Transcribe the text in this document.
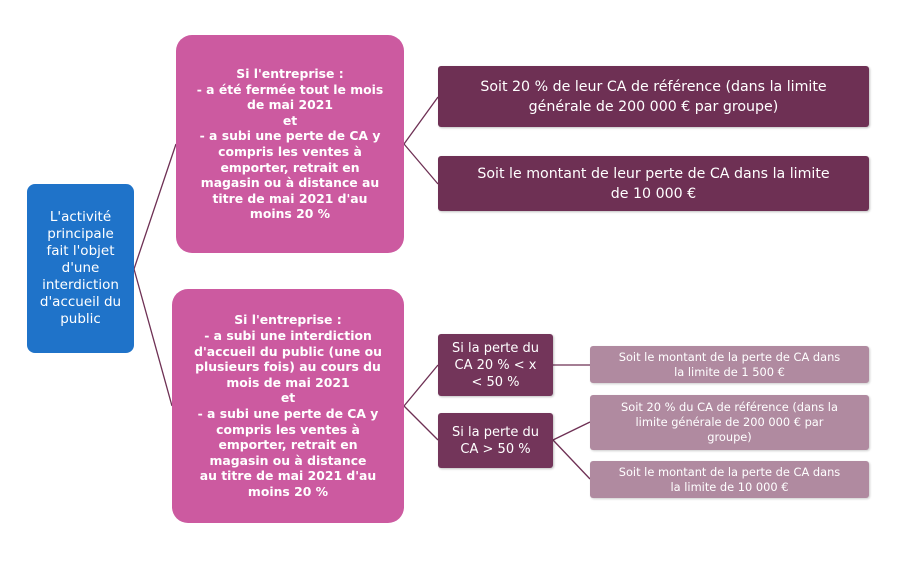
L'activité
principale
fait l'objet
d'une
interdiction
d'accueil du
public
Si l'entreprise :
- a été fermée tout le mois
de mai 2021
et
- a subi une perte de CA y
compris les ventes à
emporter, retrait en
magasin ou à distance au
titre de mai 2021 d'au
moins 20 %
Si l'entreprise :
- a subi une interdiction
d'accueil du public (une ou
plusieurs fois) au cours du
mois de mai 2021
et
- a subi une perte de CA y
compris les ventes à
emporter, retrait en
magasin ou à distance
au titre de mai 2021 d'au
moins 20 %
Soit 20 % de leur CA de référence (dans la limite
générale de 200 000 € par groupe)
Soit le montant de leur perte de CA dans la limite
de 10 000 €
Si la perte du
CA 20 % < x
< 50 %
Si la perte du
CA > 50 %
Soit le montant de la perte de CA dans
la limite de 1 500 €
Soit 20 % du CA de référence (dans la
limite générale de 200 000 € par
groupe)
Soit le montant de la perte de CA dans
la limite de 10 000 €
